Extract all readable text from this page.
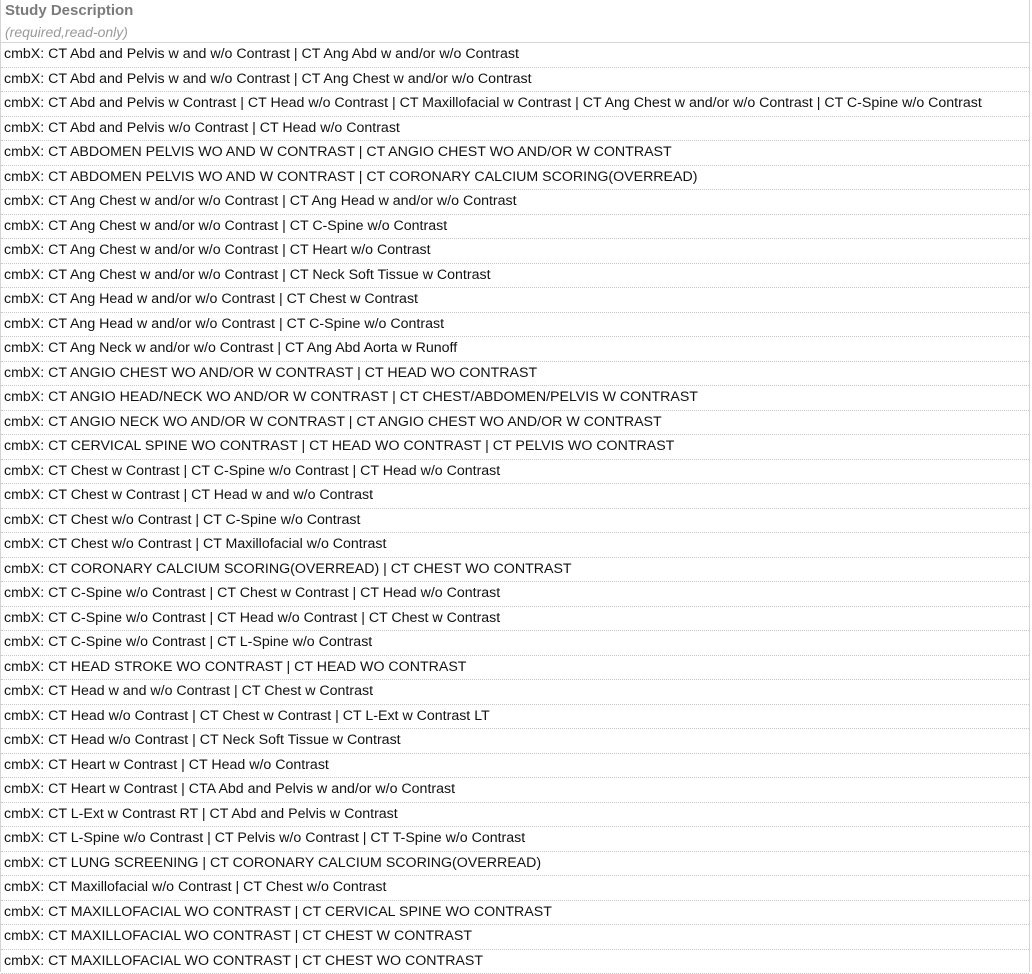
Study Description
(required,read-only)
cmbX: CT Abd and Pelvis w and w/o Contrast | CT Ang Abd w and/or w/o Contrast
cmbX: CT Abd and Pelvis w and w/o Contrast | CT Ang Chest w and/or w/o Contrast
cmbX: CT Abd and Pelvis w Contrast | CT Head w/o Contrast | CT Maxillofacial w Contrast | CT Ang Chest w and/or w/o Contrast | CT C-Spine w/o Contrast
cmbX: CT Abd and Pelvis w/o Contrast | CT Head w/o Contrast
cmbX: CT ABDOMEN PELVIS WO AND W CONTRAST | CT ANGIO CHEST WO AND/OR W CONTRAST
cmbX: CT ABDOMEN PELVIS WO AND W CONTRAST | CT CORONARY CALCIUM SCORING(OVERREAD)
cmbX: CT Ang Chest w and/or w/o Contrast | CT Ang Head w and/or w/o Contrast
cmbX: CT Ang Chest w and/or w/o Contrast | CT C-Spine w/o Contrast
cmbX: CT Ang Chest w and/or w/o Contrast | CT Heart w/o Contrast
cmbX: CT Ang Chest w and/or w/o Contrast | CT Neck Soft Tissue w Contrast
cmbX: CT Ang Head w and/or w/o Contrast | CT Chest w Contrast
cmbX: CT Ang Head w and/or w/o Contrast | CT C-Spine w/o Contrast
cmbX: CT Ang Neck w and/or w/o Contrast | CT Ang Abd Aorta w Runoff
cmbX: CT ANGIO CHEST WO AND/OR W CONTRAST | CT HEAD WO CONTRAST
cmbX: CT ANGIO HEAD/NECK WO AND/OR W CONTRAST | CT CHEST/ABDOMEN/PELVIS W CONTRAST
cmbX: CT ANGIO NECK WO AND/OR W CONTRAST | CT ANGIO CHEST WO AND/OR W CONTRAST
cmbX: CT CERVICAL SPINE WO CONTRAST | CT HEAD WO CONTRAST | CT PELVIS WO CONTRAST
cmbX: CT Chest w Contrast | CT C-Spine w/o Contrast | CT Head w/o Contrast
cmbX: CT Chest w Contrast | CT Head w and w/o Contrast
cmbX: CT Chest w/o Contrast | CT C-Spine w/o Contrast
cmbX: CT Chest w/o Contrast | CT Maxillofacial w/o Contrast
cmbX: CT CORONARY CALCIUM SCORING(OVERREAD) | CT CHEST WO CONTRAST
cmbX: CT C-Spine w/o Contrast | CT Chest w Contrast | CT Head w/o Contrast
cmbX: CT C-Spine w/o Contrast | CT Head w/o Contrast | CT Chest w Contrast
cmbX: CT C-Spine w/o Contrast | CT L-Spine w/o Contrast
cmbX: CT HEAD STROKE WO CONTRAST | CT HEAD WO CONTRAST
cmbX: CT Head w and w/o Contrast | CT Chest w Contrast
cmbX: CT Head w/o Contrast | CT Chest w Contrast | CT L-Ext w Contrast LT
cmbX: CT Head w/o Contrast | CT Neck Soft Tissue w Contrast
cmbX: CT Heart w Contrast | CT Head w/o Contrast
cmbX: CT Heart w Contrast | CTA Abd and Pelvis w and/or w/o Contrast
cmbX: CT L-Ext w Contrast RT | CT Abd and Pelvis w Contrast
cmbX: CT L-Spine w/o Contrast | CT Pelvis w/o Contrast | CT T-Spine w/o Contrast
cmbX: CT LUNG SCREENING | CT CORONARY CALCIUM SCORING(OVERREAD)
cmbX: CT Maxillofacial w/o Contrast | CT Chest w/o Contrast
cmbX: CT MAXILLOFACIAL WO CONTRAST | CT CERVICAL SPINE WO CONTRAST
cmbX: CT MAXILLOFACIAL WO CONTRAST | CT CHEST W CONTRAST
cmbX: CT MAXILLOFACIAL WO CONTRAST | CT CHEST WO CONTRAST
